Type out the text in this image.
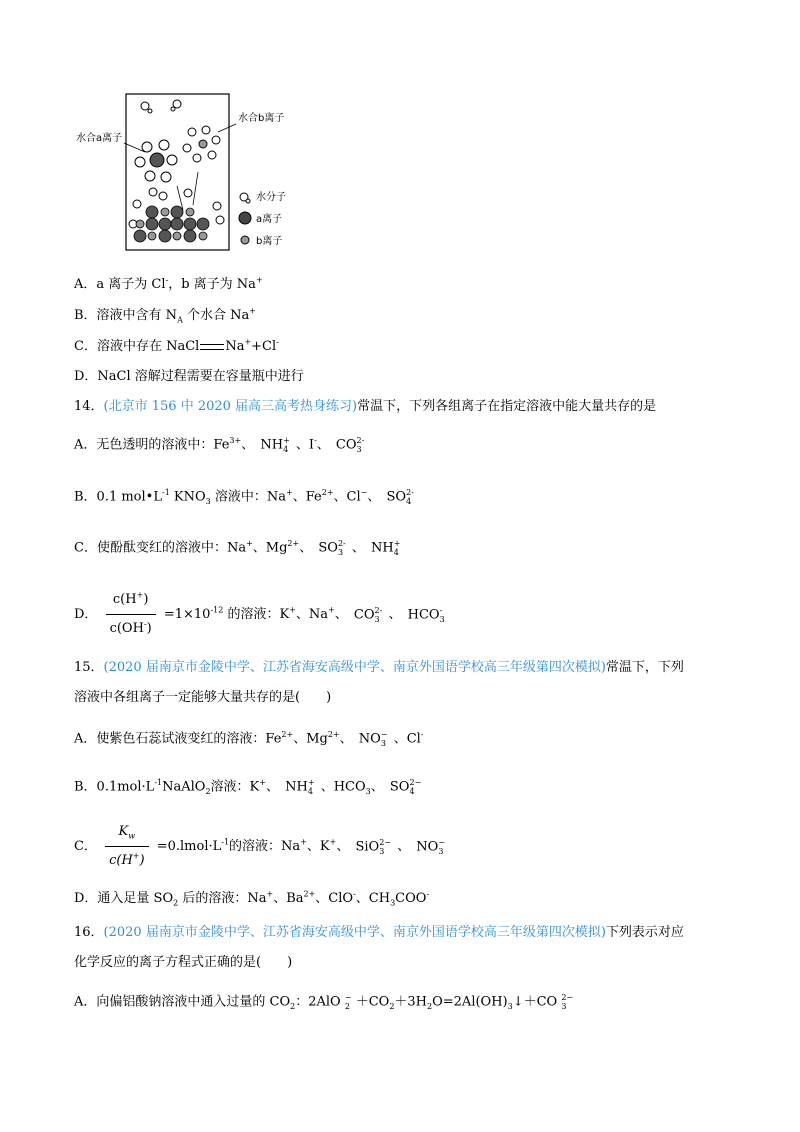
水合a离子
水合b离子
水分子
a离子
b离子
A．a 离子为 Cl-，b 离子为 Na+
B．溶液中含有 $N_A$ 个水合 Na+
C．溶液中存在 NaCl Na++Cl-
D．NaCl 溶解过程需要在容量瓶中进行
14．(北京市 156 中 2020 届高三高考热身练习)常温下，下列各组离子在指定溶液中能大量共存的是
A．无色透明的溶液中：$Fe^{3+}$、 NH +
4 、I-、 CO 2-
3
B．0.1 $mol•L^{-1}$ $KNO_3$ 溶液中：Na+、$Fe^{2+}$、Cl−、 SO 2-
4
C．使酚酞变红的溶液中：Na+、$Mg^{2+}$、 SO 2-
3 、 NH +
4
D． $\frac{c(H^+)}{c(OH^-)} =1\times 10^{-12}$ 的溶液：K+、Na+、 CO 2-
3 、 HCO -
3
15．(2020 届南京市金陵中学、江苏省海安高级中学、南京外国语学校高三年级第四次模拟)常温下，下列
溶液中各组离子一定能够大量共存的是(　　)
A．使紫色石蕊试液变红的溶液：$Fe^{2+}$、$Mg^{2+}$、 NO −
3 、Cl-
B．$0.1mol\cdot L^{-1}NaAlO_2$溶液：K+、 NH +
4 、$HCO_3$、 SO 2−
4
C． $\frac{K_w}{c(H^+)}$ $=0.lmol\cdot L^{-1}$的溶液：Na+、K+、 SiO 2−
3 、 NO −
3
D．通入足量 $SO_2$ 后的溶液：Na+、$Ba^{2+}$、ClO-、$CH_3COO^-$
16．(2020 届南京市金陵中学、江苏省海安高级中学、南京外国语学校高三年级第四次模拟)下列表示对应
化学反应的离子方程式正确的是(　　)
A．向偏铝酸钠溶液中通入过量的 $CO_2$：2AlO −
$2 +CO_2+3H_2O=2Al(OH)_3↓+CO$ 2−
3
